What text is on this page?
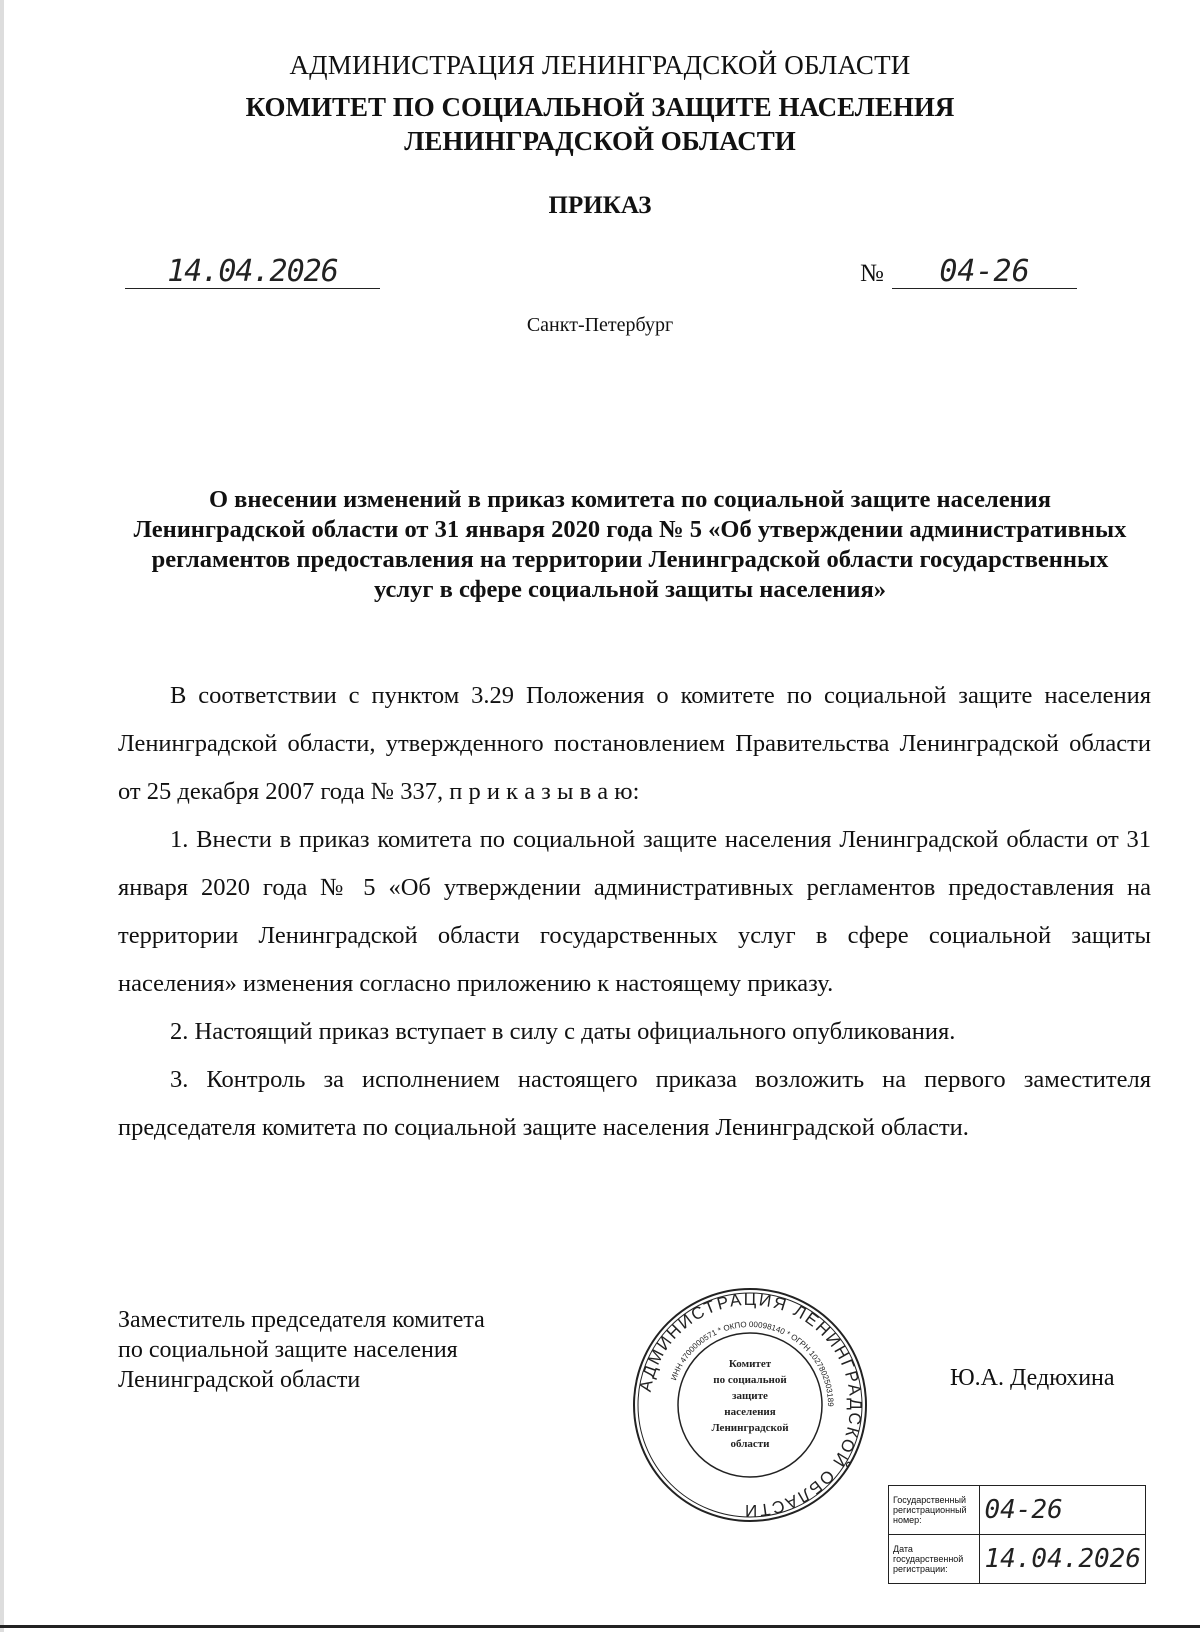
АДМИНИСТРАЦИЯ ЛЕНИНГРАДСКОЙ ОБЛАСТИ
КОМИТЕТ ПО СОЦИАЛЬНОЙ ЗАЩИТЕ НАСЕЛЕНИЯ
ЛЕНИНГРАДСКОЙ ОБЛАСТИ
ПРИКАЗ
14.04.2026	№	04-26
Санкт-Петербург
О внесении изменений в приказ комитета по социальной защите населения Ленинградской области от 31 января 2020 года № 5 «Об утверждении административных регламентов предоставления на территории Ленинградской области государственных услуг в сфере социальной защиты населения»

В соответствии с пунктом 3.29 Положения о комитете по социальной защите населения Ленинградской области, утвержденного постановлением Правительства Ленинградской области от 25 декабря 2007 года № 337, п р и к а з ы в а ю:

1. Внести в приказ комитета по социальной защите населения Ленинградской области от 31 января 2020 года № 5 «Об утверждении административных регламентов предоставления на территории Ленинградской области государственных услуг в сфере социальной защиты населения» изменения согласно приложению к настоящему приказу.

2. Настоящий приказ вступает в силу с даты официального опубликования.

3. Контроль за исполнением настоящего приказа возложить на первого заместителя председателя комитета по социальной защите населения Ленинградской области.

Заместитель председателя комитета
по социальной защите населения
Ленинградской области	Ю.А. Дедюхина
АДМИНИСТРАЦИЯ ЛЕНИНГРАДСКОЙ ОБЛАСТИ
ИНН 4700000571 * ОКПО 00098140 * ОГРН 1027802503189
Комитет
по социальной
защите
населения
Ленинградской
области
Государственный регистрационный номер:	04-26
Дата государственной регистрации:	14.04.2026
